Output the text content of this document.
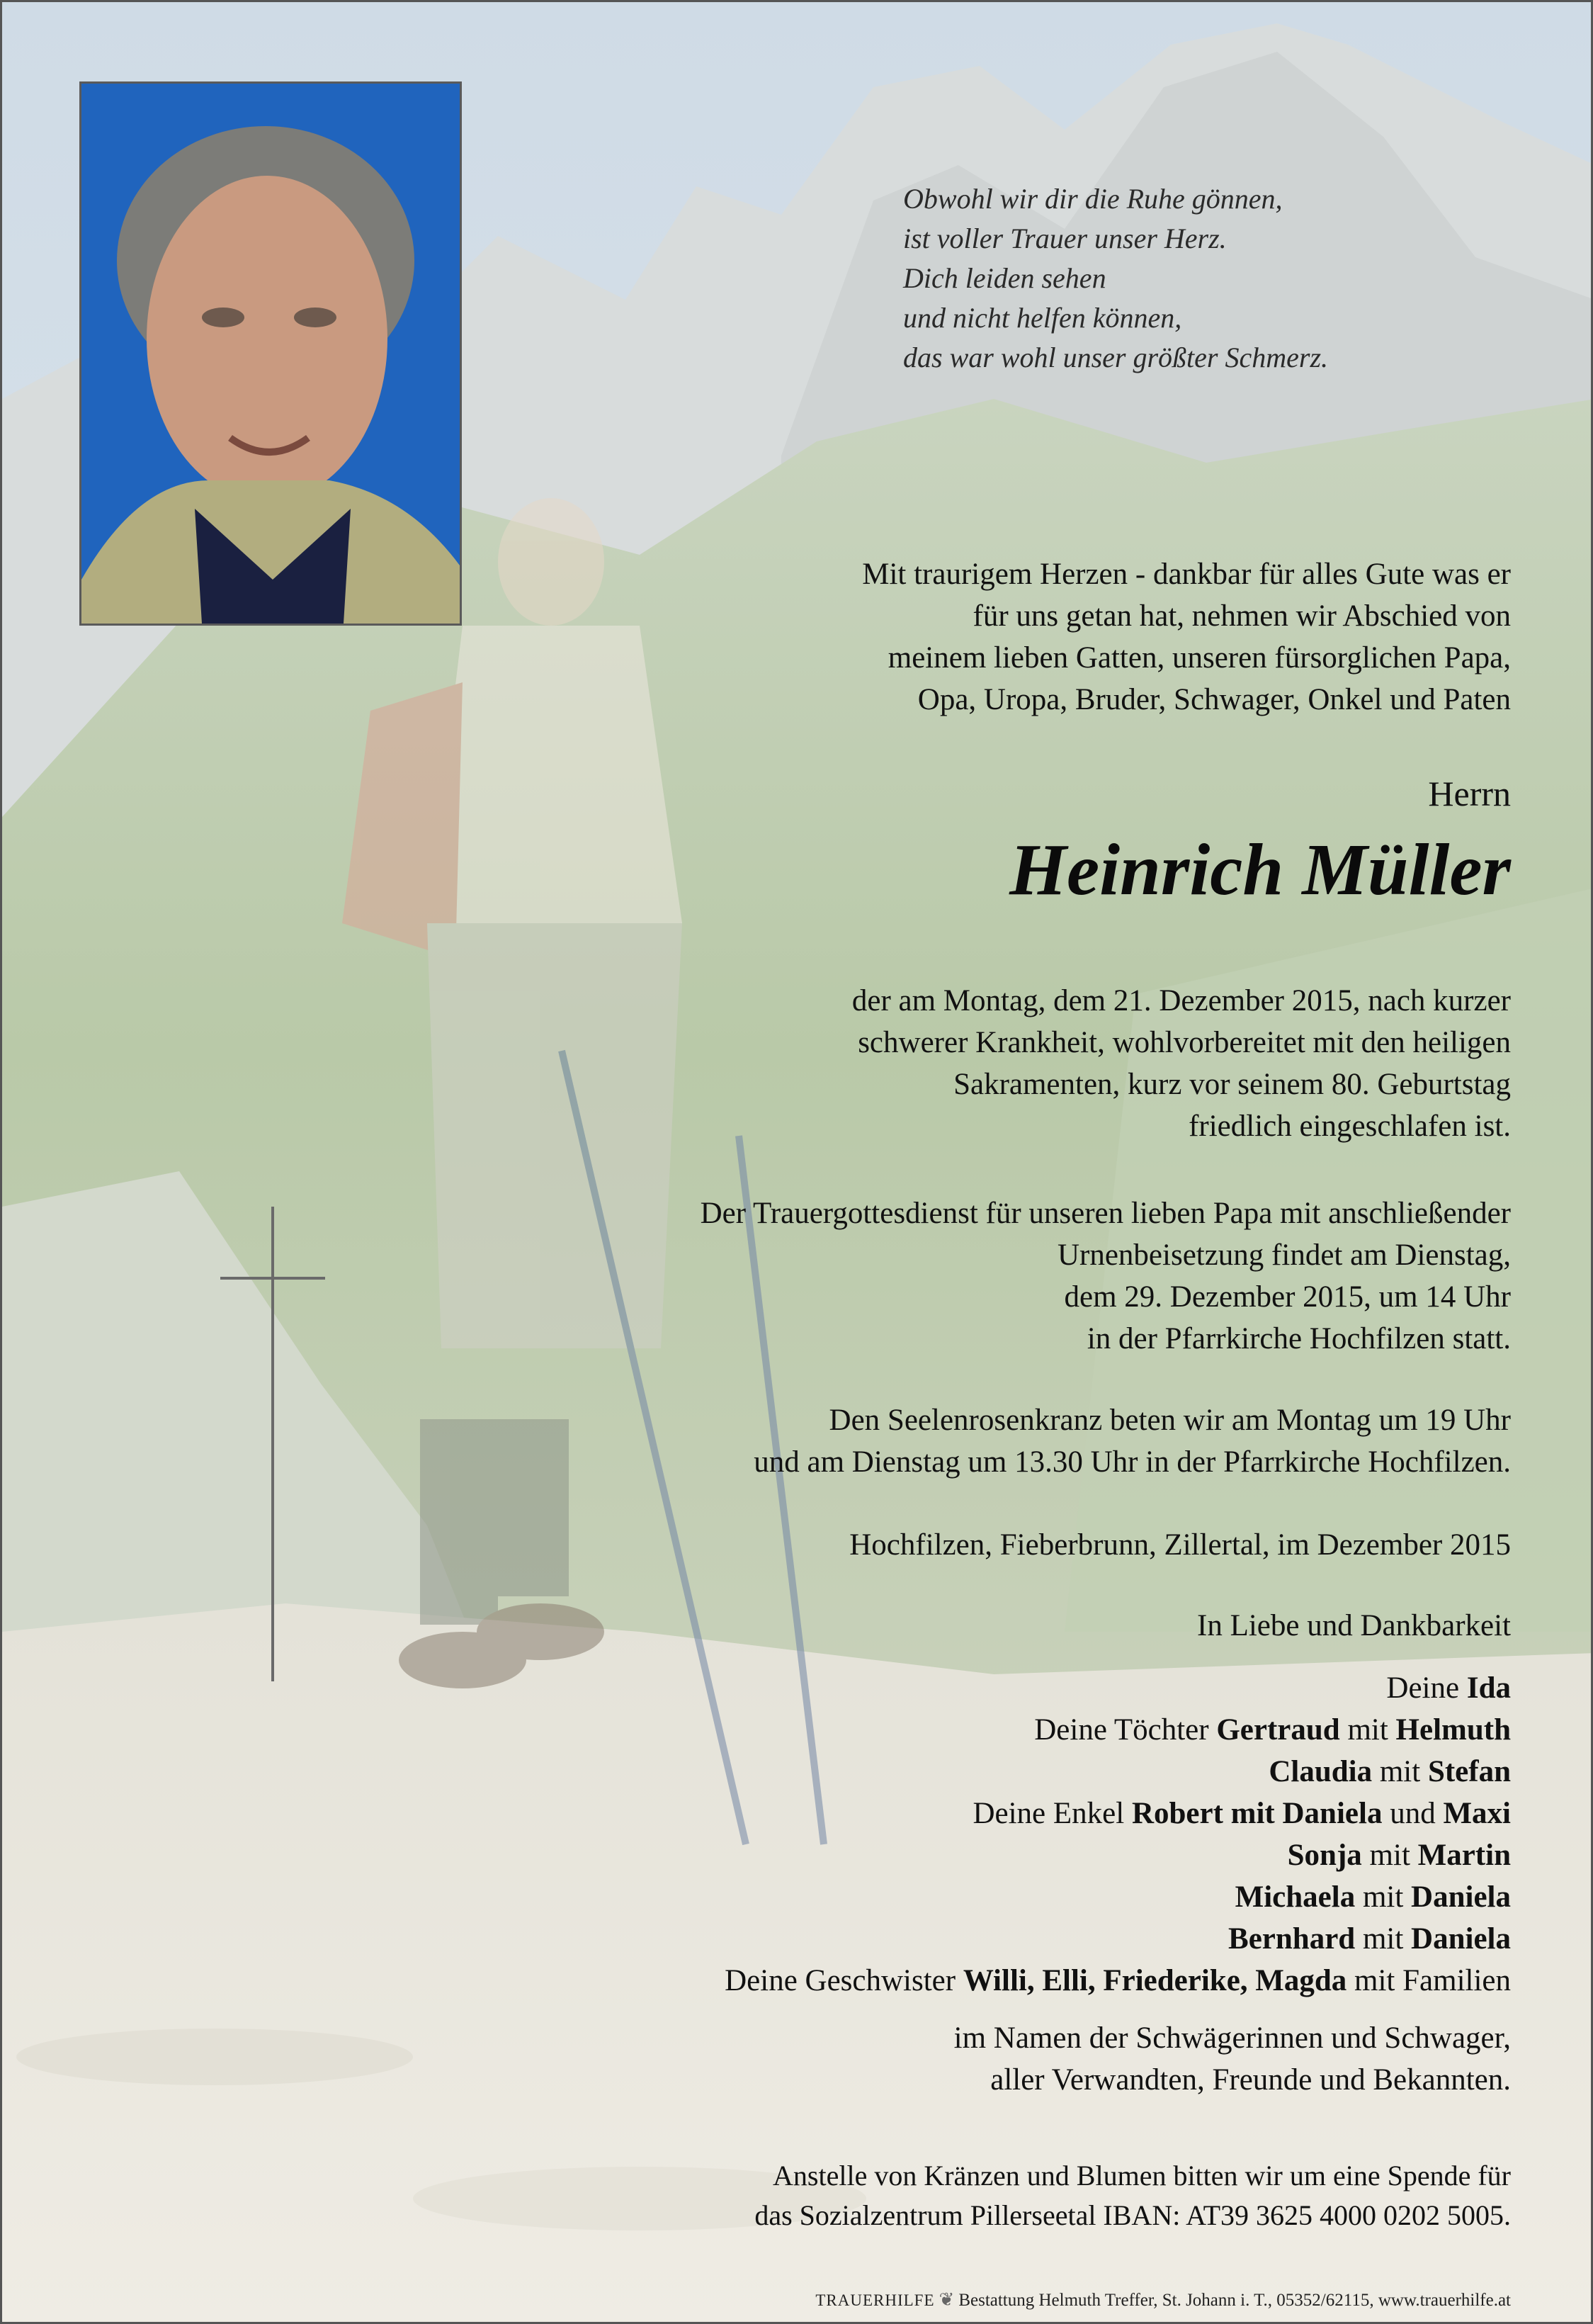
Obwohl wir dir die Ruhe gönnen,
ist voller Trauer unser Herz.
Dich leiden sehen
und nicht helfen können,
das war wohl unser größter Schmerz.
Mit traurigem Herzen - dankbar für alles Gute was er
für uns getan hat, nehmen wir Abschied von
meinem lieben Gatten, unseren fürsorglichen Papa,
Opa, Uropa, Bruder, Schwager, Onkel und Paten
Herrn
Heinrich Müller
der am Montag, dem 21. Dezember 2015, nach kurzer
schwerer Krankheit, wohlvorbereitet mit den heiligen
Sakramenten, kurz vor seinem 80. Geburtstag
friedlich eingeschlafen ist.
Der Trauergottesdienst für unseren lieben Papa mit anschließender
Urnenbeisetzung findet am Dienstag,
dem 29. Dezember 2015, um 14 Uhr
in der Pfarrkirche Hochfilzen statt.
Den Seelenrosenkranz beten wir am Montag um 19 Uhr
und am Dienstag um 13.30 Uhr in der Pfarrkirche Hochfilzen.
Hochfilzen, Fieberbrunn, Zillertal, im Dezember 2015
In Liebe und Dankbarkeit
Deine Ida
Deine Töchter Gertraud mit Helmuth
Claudia mit Stefan
Deine Enkel Robert mit Daniela und Maxi
Sonja mit Martin
Michaela mit Daniela
Bernhard mit Daniela
Deine Geschwister Willi, Elli, Friederike, Magda mit Familien
im Namen der Schwägerinnen und Schwager,
aller Verwandten, Freunde und Bekannten.
Anstelle von Kränzen und Blumen bitten wir um eine Spende für
das Sozialzentrum Pillerseetal IBAN: AT39 3625 4000 0202 5005.
TRAUERHILFE ❦ Bestattung Helmuth Treffer, St. Johann i. T., 05352/62115, www.trauerhilfe.at
